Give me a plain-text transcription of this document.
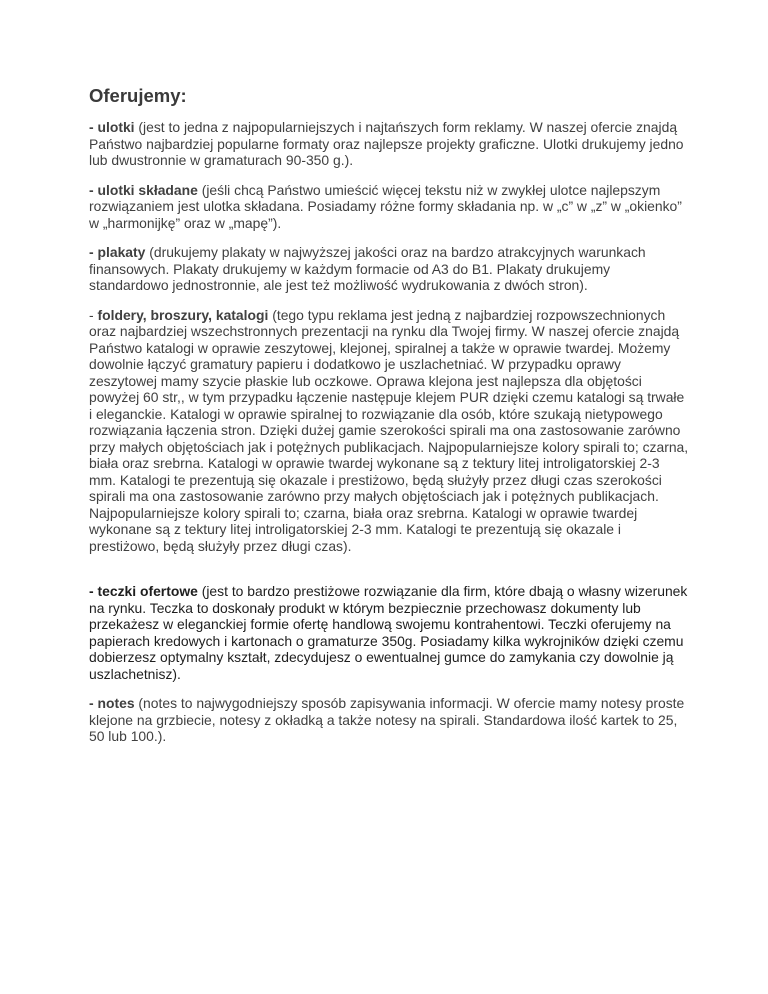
Oferujemy:

- ulotki (jest to jedna z najpopularniejszych i najtańszych form reklamy. W naszej ofercie znajdą Państwo najbardziej popularne formaty oraz najlepsze projekty graficzne. Ulotki drukujemy jedno lub dwustronnie w gramaturach 90-350 g.).

- ulotki składane (jeśli chcą Państwo umieścić więcej tekstu niż w zwykłej ulotce najlepszym rozwiązaniem jest ulotka składana. Posiadamy różne formy składania np. w „c” w „z” w „okienko” w „harmonijkę” oraz w „mapę”).

- plakaty (drukujemy plakaty w najwyższej jakości oraz na bardzo atrakcyjnych warunkach finansowych. Plakaty drukujemy w każdym formacie od A3 do B1. Plakaty drukujemy standardowo jednostronnie, ale jest też możliwość wydrukowania z dwóch stron).

- foldery, broszury, katalogi (tego typu reklama jest jedną z najbardziej rozpowszechnionych oraz najbardziej wszechstronnych prezentacji na rynku dla Twojej firmy. W naszej ofercie znajdą Państwo katalogi w oprawie zeszytowej, klejonej, spiralnej a także w oprawie twardej. Możemy dowolnie łączyć gramatury papieru i dodatkowo je uszlachetniać. W przypadku oprawy zeszytowej mamy szycie płaskie lub oczkowe. Oprawa klejona jest najlepsza dla objętości powyżej 60 str,, w tym przypadku łączenie następuje klejem PUR dzięki czemu katalogi są trwałe i eleganckie. Katalogi w oprawie spiralnej to rozwiązanie dla osób, które szukają nietypowego rozwiązania łączenia stron. Dzięki dużej gamie szerokości spirali ma ona zastosowanie zarówno przy małych objętościach jak i potężnych publikacjach. Najpopularniejsze kolory spirali to; czarna, biała oraz srebrna. Katalogi w oprawie twardej wykonane są z tektury litej introligatorskiej 2-3 mm. Katalogi te prezentują się okazale i prestiżowo, będą służyły przez długi czas szerokości spirali ma ona zastosowanie zarówno przy małych objętościach jak i potężnych publikacjach. Najpopularniejsze kolory spirali to; czarna, biała oraz srebrna. Katalogi w oprawie twardej wykonane są z tektury litej introligatorskiej 2-3 mm. Katalogi te prezentują się okazale i prestiżowo, będą służyły przez długi czas).

- teczki ofertowe (jest to bardzo prestiżowe rozwiązanie dla firm, które dbają o własny wizerunek na rynku. Teczka to doskonały produkt w którym bezpiecznie przechowasz dokumenty lub przekażesz w eleganckiej formie ofertę handlową swojemu kontrahentowi. Teczki oferujemy na papierach kredowych i kartonach o gramaturze 350g. Posiadamy kilka wykrojników dzięki czemu dobierzesz optymalny kształt, zdecydujesz o ewentualnej gumce do zamykania czy dowolnie ją uszlachetnisz).

- notes (notes to najwygodniejszy sposób zapisywania informacji. W ofercie mamy notesy proste klejone na grzbiecie, notesy z okładką a także notesy na spirali. Standardowa ilość kartek to 25, 50 lub 100.).
